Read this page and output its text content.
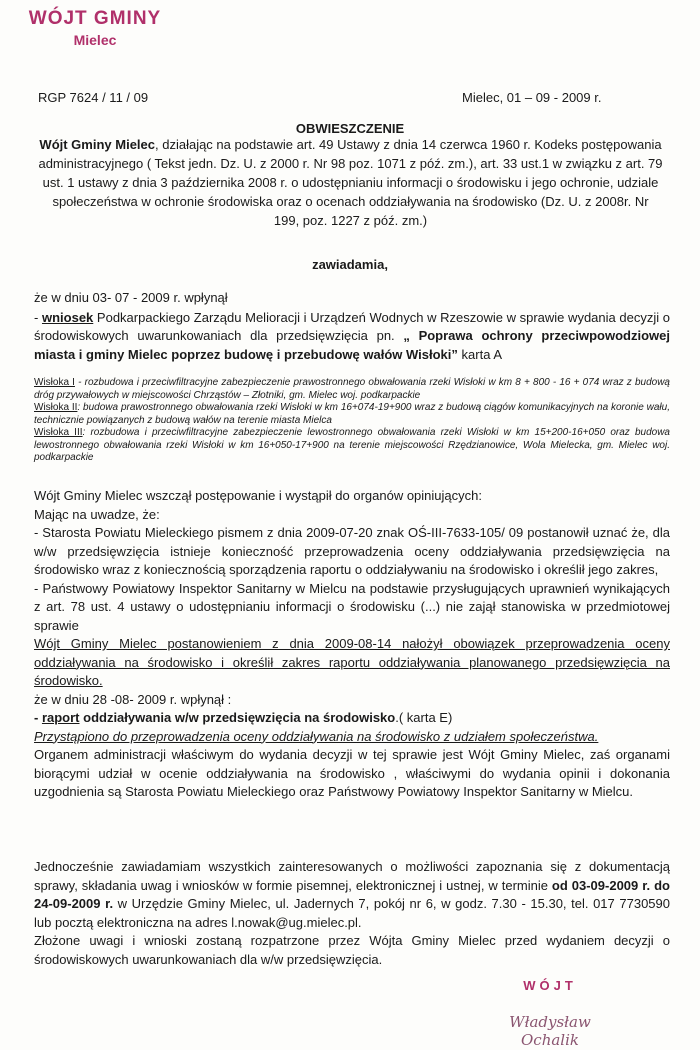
WÓJT GMINY
Mielec
RGP 7624 / 11 / 09	Mielec, 01 – 09 - 2009 r.
OBWIESZCZENIE
Wójt Gminy Mielec, działając na podstawie art. 49 Ustawy z dnia 14 czerwca 1960 r. Kodeks postępowania administracyjnego ( Tekst jedn. Dz. U. z 2000 r. Nr 98 poz. 1071 z póź. zm.), art. 33 ust.1 w związku z art. 79 ust. 1 ustawy z dnia 3 października 2008 r. o udostępnianiu informacji o środowisku i jego ochronie, udziale społeczeństwa w ochronie środowiska oraz o ocenach oddziaływania na środowisko (Dz. U. z 2008r. Nr 199, poz. 1227 z póź. zm.)
zawiadamia,
że w dniu 03- 07 - 2009 r. wpłynął
- wniosek Podkarpackiego Zarządu Melioracji i Urządzeń Wodnych w Rzeszowie w sprawie wydania decyzji o środowiskowych uwarunkowaniach dla przedsięwzięcia pn. „ Poprawa ochrony przeciwpowodziowej miasta i gminy Mielec poprzez budowę i przebudowę wałów Wisłoki” karta A
Wisłoka I - rozbudowa i przeciwfiltracyjne zabezpieczenie prawostronnego obwałowania rzeki Wisłoki w km 8 + 800 - 16 + 074 wraz z budową dróg przywałowych w miejscowości Chrząstów – Złotniki, gm. Mielec woj. podkarpackie
Wisłoka II: budowa prawostronnego obwałowania rzeki Wisłoki w km 16+074-19+900 wraz z budową ciągów komunikacyjnych na koronie wału, technicznie powiązanych z budową wałów na terenie miasta Mielca
Wisłoka III: rozbudowa i przeciwfiltracyjne zabezpieczenie lewostronnego obwałowania rzeki Wisłoki w km 15+200-16+050 oraz budowa lewostronnego obwałowania rzeki Wisłoki w km 16+050-17+900 na terenie miejscowości Rzędzianowice, Wola Mielecka, gm. Mielec woj. podkarpackie
Wójt Gminy Mielec wszczął postępowanie i wystąpił do organów opiniujących:
Mając na uwadze, że:
- Starosta Powiatu Mieleckiego pismem z dnia 2009-07-20 znak OŚ-III-7633-105/ 09 postanowił uznać że, dla w/w przedsięwzięcia istnieje konieczność przeprowadzenia oceny oddziaływania przedsięwzięcia na środowisko wraz z koniecznością sporządzenia raportu o oddziaływaniu na środowisko i określił jego zakres,
- Państwowy Powiatowy Inspektor Sanitarny w Mielcu na podstawie przysługujących uprawnień wynikających z art. 78 ust. 4 ustawy o udostępnianiu informacji o środowisku (...) nie zajął stanowiska w przedmiotowej sprawie
Wójt Gminy Mielec postanowieniem z dnia 2009-08-14 nałożył obowiązek przeprowadzenia oceny oddziaływania na środowisko i określił zakres raportu oddziaływania planowanego przedsięwzięcia na środowisko.
że w dniu 28 -08- 2009 r. wpłynął :
- raport oddziaływania w/w przedsięwzięcia na środowisko.( karta E)
Przystąpiono do przeprowadzenia oceny oddziaływania na środowisko z udziałem społeczeństwa.
Organem administracji właściwym do wydania decyzji w tej sprawie jest Wójt Gminy Mielec, zaś organami biorącymi udział w ocenie oddziaływania na środowisko , właściwymi do wydania opinii i dokonania uzgodnienia są Starosta Powiatu Mieleckiego oraz Państwowy Powiatowy Inspektor Sanitarny w Mielcu.
Jednocześnie zawiadamiam wszystkich zainteresowanych o możliwości zapoznania się z dokumentacją sprawy, składania uwag i wniosków w formie pisemnej, elektronicznej i ustnej, w terminie od 03-09-2009 r. do 24-09-2009 r. w Urzędzie Gminy Mielec, ul. Jadernych 7, pokój nr 6, w godz. 7.30 - 15.30, tel. 017 7730590 lub pocztą elektroniczna na adres l.nowak@ug.mielec.pl.
Złożone uwagi i wnioski zostaną rozpatrzone przez Wójta Gminy Mielec przed wydaniem decyzji o środowiskowych uwarunkowaniach dla w/w przedsięwzięcia.
WÓJT
Władysław Ochalik
